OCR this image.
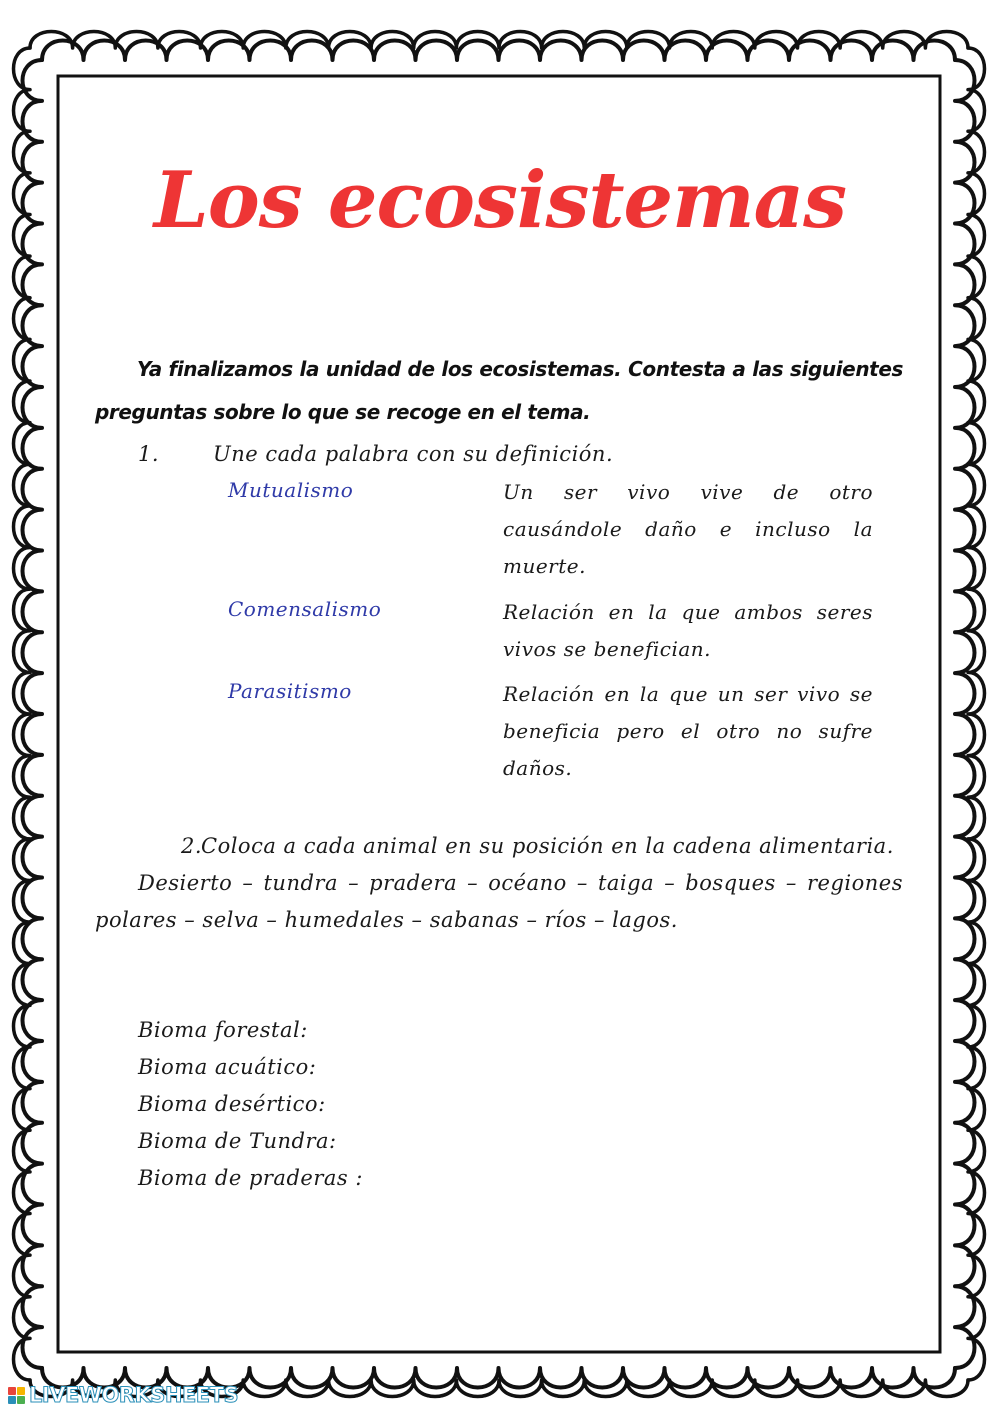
Los ecosistemas
Ya finalizamos la unidad de los ecosistemas. Contesta a las siguientes preguntas sobre lo que se recoge en el tema.
1.	Une cada palabra con su definición.
Mutualismo
Comensalismo
Parasitismo
Un ser vivo vive de otro causándole daño e incluso la muerte.
Relación en la que ambos seres vivos se benefician.
Relación en la que un ser vivo se beneficia pero el otro no sufre daños.
2.Coloca a cada animal en su posición en la cadena alimentaria.
Desierto – tundra – pradera – océano – taiga – bosques – regiones polares – selva – humedales – sabanas – ríos – lagos.
Bioma forestal:
Bioma acuático:
Bioma desértico:
Bioma de Tundra:
Bioma de praderas :
LIVEWORKSHEETS
